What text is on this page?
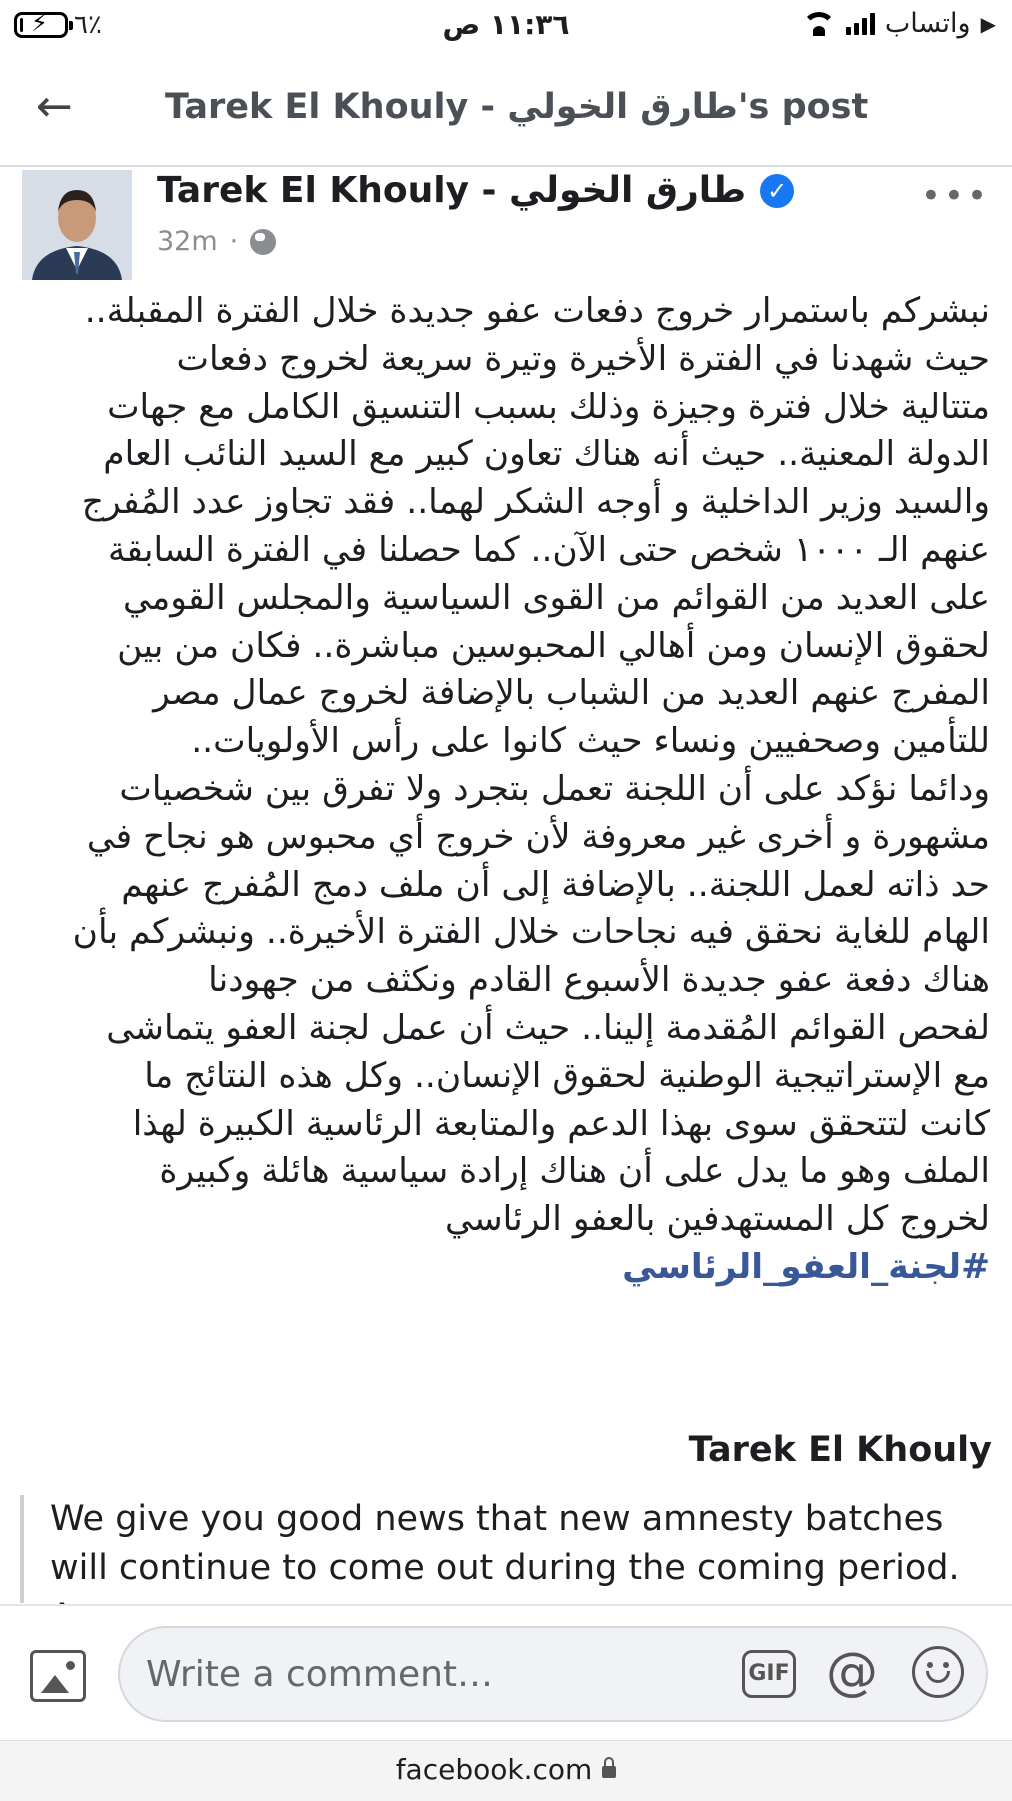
⚡ ٦٪	١١:٣٦ ص	▶
واتساب
←	Tarek El Khouly - طارق الخولي's post
Tarek El Khouly - طارق الخولي ✓
32m ·
•••

نبشركم باستمرار خروج دفعات عفو جديدة خلال الفترة المقبلة..
حيث شهدنا في الفترة الأخيرة وتيرة سريعة لخروج دفعات
متتالية خلال فترة وجيزة وذلك بسبب التنسيق الكامل مع جهات
الدولة المعنية.. حيث أنه هناك تعاون كبير مع السيد النائب العام
والسيد وزير الداخلية و أوجه الشكر لهما.. فقد تجاوز عدد المُفرج
عنهم الـ ١٠٠٠ شخص حتى الآن.. كما حصلنا في الفترة السابقة
على العديد من القوائم من القوى السياسية والمجلس القومي
لحقوق الإنسان ومن أهالي المحبوسين مباشرة.. فكان من بين
المفرج عنهم العديد من الشباب بالإضافة لخروج عمال مصر
للتأمين وصحفيين ونساء حيث كانوا على رأس الأولويات..
ودائما نؤكد على أن اللجنة تعمل بتجرد ولا تفرق بين شخصيات
مشهورة و أخرى غير معروفة لأن خروج أي محبوس هو نجاح في
حد ذاته لعمل اللجنة.. بالإضافة إلى أن ملف دمج المُفرج عنهم
الهام للغاية نحقق فيه نجاحات خلال الفترة الأخيرة.. ونبشركم بأن
هناك دفعة عفو جديدة الأسبوع القادم ونكثف من جهودنا
لفحص القوائم المُقدمة إلينا.. حيث أن عمل لجنة العفو يتماشى
مع الإستراتيجية الوطنية لحقوق الإنسان.. وكل هذه النتائج ما
كانت لتتحقق سوى بهذا الدعم والمتابعة الرئاسية الكبيرة لهذا
الملف وهو ما يدل على أن هناك إرادة سياسية هائلة وكبيرة
لخروج كل المستهدفين بالعفو الرئاسي
#لجنة_العفو_الرئاسي

Tarek El Khouly

We give you good news that new amnesty batches will continue to come out during the coming period.

Write a comment…	GIF @
facebook.com
